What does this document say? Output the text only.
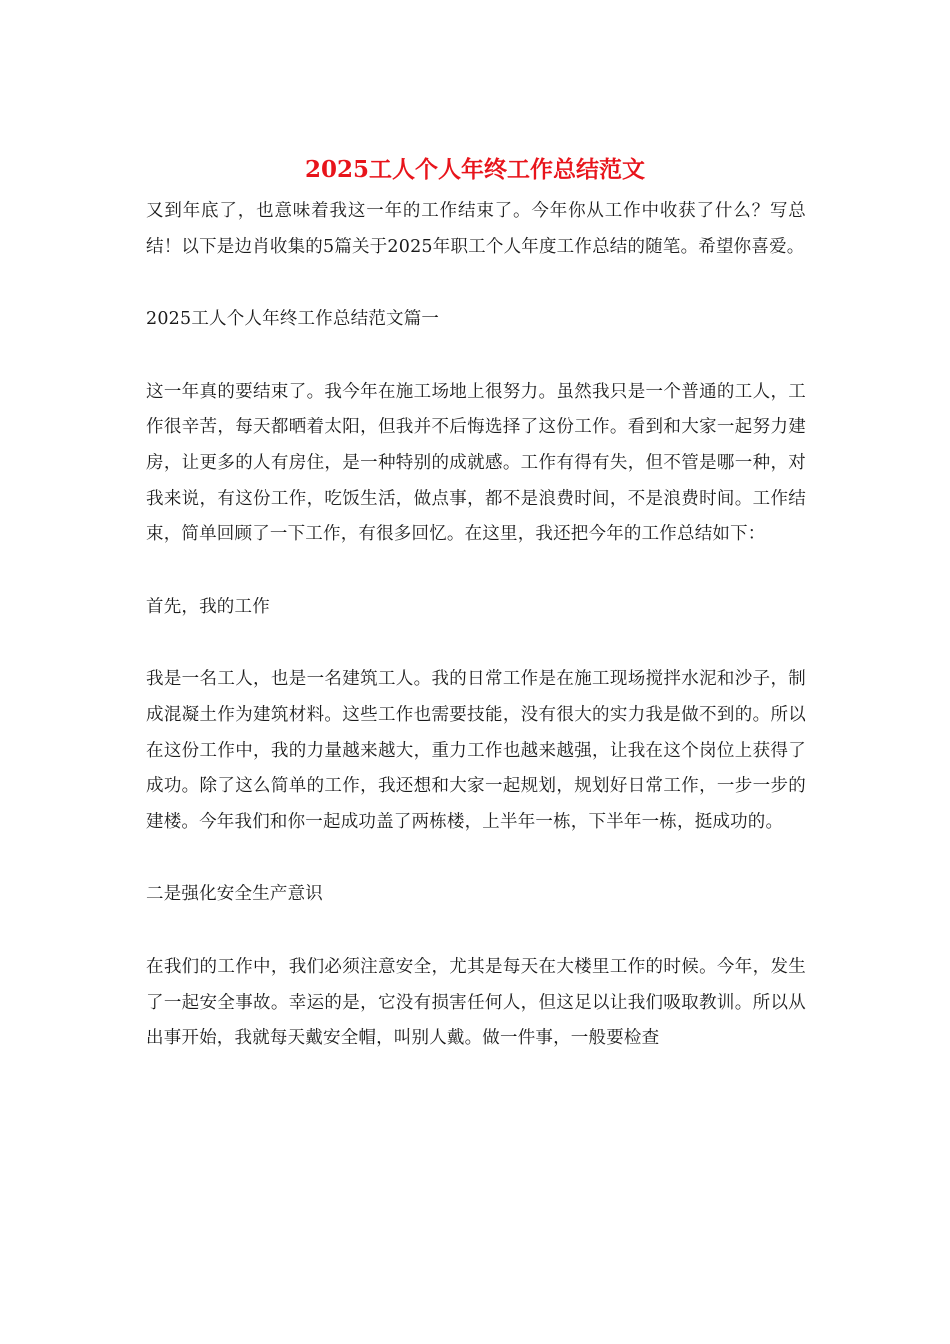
2025工人个人年终工作总结范文

又到年底了，也意味着我这一年的工作结束了。今年你从工作中收获了什么？写总结！以下是边肖收集的5篇关于2025年职工个人年度工作总结的随笔。希望你喜爱。

2025工人个人年终工作总结范文篇一

这一年真的要结束了。我今年在施工场地上很努力。虽然我只是一个普通的工人，工作很辛苦，每天都晒着太阳，但我并不后悔选择了这份工作。看到和大家一起努力建房，让更多的人有房住，是一种特别的成就感。工作有得有失，但不管是哪一种，对我来说，有这份工作，吃饭生活，做点事，都不是浪费时间，不是浪费时间。工作结束，简单回顾了一下工作，有很多回忆。在这里，我还把今年的工作总结如下：

首先，我的工作

我是一名工人，也是一名建筑工人。我的日常工作是在施工现场搅拌水泥和沙子，制成混凝土作为建筑材料。这些工作也需要技能，没有很大的实力我是做不到的。所以在这份工作中，我的力量越来越大，重力工作也越来越强，让我在这个岗位上获得了成功。除了这么简单的工作，我还想和大家一起规划，规划好日常工作，一步一步的建楼。今年我们和你一起成功盖了两栋楼，上半年一栋，下半年一栋，挺成功的。

二是强化安全生产意识

在我们的工作中，我们必须注意安全，尤其是每天在大楼里工作的时候。今年，发生了一起安全事故。幸运的是，它没有损害任何人，但这足以让我们吸取教训。所以从出事开始，我就每天戴安全帽，叫别人戴。做一件事，一般要检查
